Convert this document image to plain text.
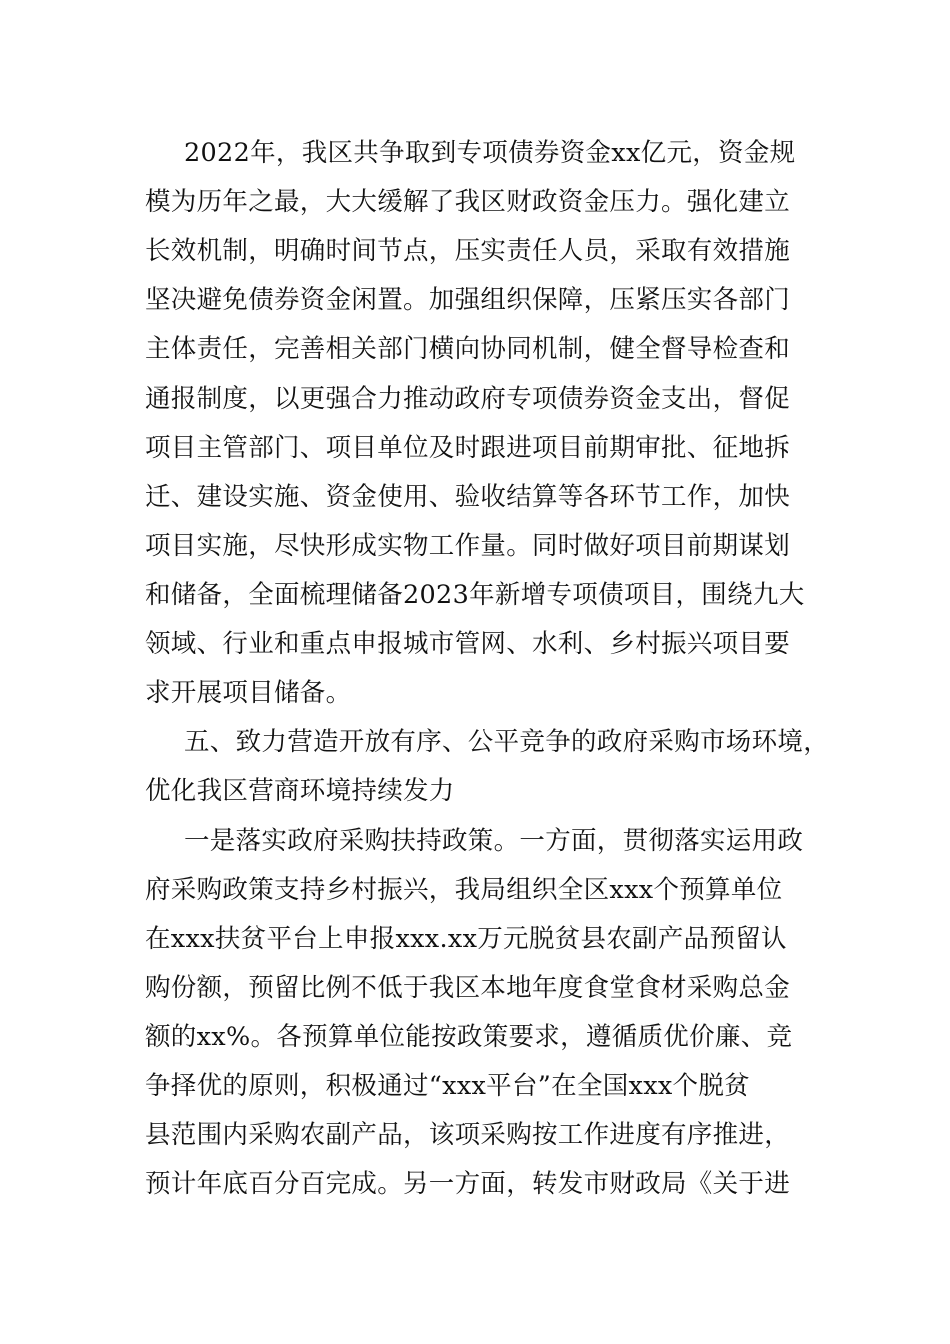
2022年，我区共争取到专项债券资金xx亿元，资金规
模为历年之最，大大缓解了我区财政资金压力。强化建立
长效机制，明确时间节点，压实责任人员，采取有效措施
坚决避免债券资金闲置。加强组织保障，压紧压实各部门
主体责任，完善相关部门横向协同机制，健全督导检查和
通报制度，以更强合力推动政府专项债券资金支出，督促
项目主管部门、项目单位及时跟进项目前期审批、征地拆
迁、建设实施、资金使用、验收结算等各环节工作，加快
项目实施，尽快形成实物工作量。同时做好项目前期谋划
和储备，全面梳理储备2023年新增专项债项目，围绕九大
领域、行业和重点申报城市管网、水利、乡村振兴项目要
求开展项目储备。
五、致力营造开放有序、公平竞争的政府采购市场环境，
优化我区营商环境持续发力
一是落实政府采购扶持政策。一方面，贯彻落实运用政
府采购政策支持乡村振兴，我局组织全区xxx个预算单位
在xxx扶贫平台上申报xxx.xx万元脱贫县农副产品预留认
购份额，预留比例不低于我区本地年度食堂食材采购总金
额的xx%。各预算单位能按政策要求，遵循质优价廉、竞
争择优的原则，积极通过“xxx平台”在全国xxx个脱贫
县范围内采购农副产品，该项采购按工作进度有序推进，
预计年底百分百完成。另一方面，转发市财政局《关于进
